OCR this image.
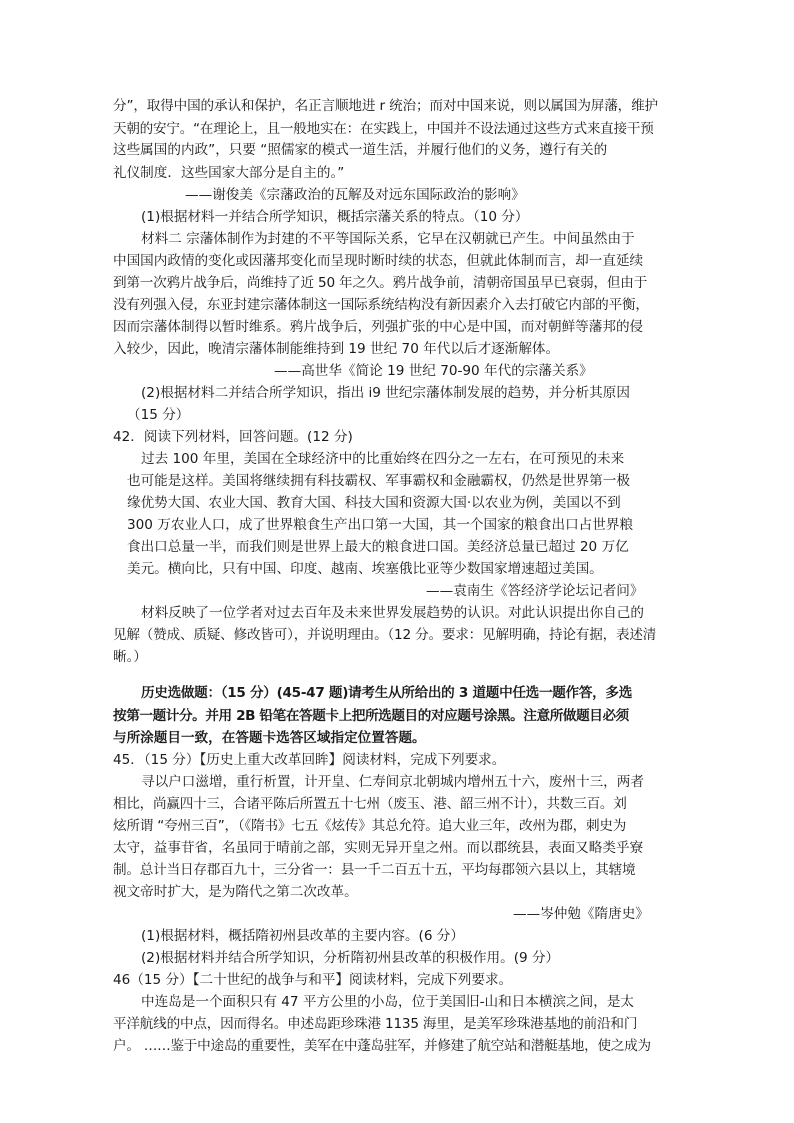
分”，取得中国的承认和保护，名正言顺地进 r 统治；而对中国来说，则以属国为屏藩，维护
天朝的安宁。“在理论上，且一般地实在：在实践上，中国并不设法通过这些方式来直接干预
这些属国的内政”，只要 “照儒家的模式一道生活，并履行他们的义务，遵行有关的
礼仪制度．这些国家大部分是自主的。”
——谢俊美《宗藩政治的瓦解及对远东国际政治的影响》
(1)根据材料一并结合所学知识，概括宗藩关系的特点。（10 分）
材料二 宗藩体制作为封建的不平等国际关系，它早在汉朝就已产生。中间虽然由于
中国国内政情的变化或因藩邦变化而呈现时断时续的状态，但就此体制而言，却一直延续
到第一次鸦片战争后，尚维持了近 50 年之久。鸦片战争前，清朝帝国虽早已衰弱，但由于
没有列强入侵，东亚封建宗藩体制这一国际系统结构没有新因素介入去打破它内部的平衡，
因而宗藩体制得以暂时维系。鸦片战争后，列强扩张的中心是中国，而对朝鲜等藩邦的侵
入较少，因此，晚清宗藩体制能维持到 19 世纪 70 年代以后才逐渐解体。
——高世华《简论 19 世纪 70-90 年代的宗藩关系》
(2)根据材料二并结合所学知识，指出 i9 世纪宗藩体制发展的趋势，并分析其原因
（15 分）
42．阅读下列材料，回答问题。(12 分)
过去 100 年里，美国在全球经济中的比重始终在四分之一左右，在可预见的未来
也可能是这样。美国将继续拥有科技霸权、军事霸权和金融霸权，仍然是世界第一极
缘优势大国、农业大国、教育大国、科技大国和资源大国·以农业为例，美国以不到
300 万农业人口，成了世界粮食生产出口第一大国，其一个国家的粮食出口占世界粮
食出口总量一半，而我们则是世界上最大的粮食进口国。美经济总量已超过 20 万亿
美元。横向比，只有中国、印度、越南、埃塞俄比亚等少数国家增速超过美国。
——袁南生《答经济学论坛记者问》
材料反映了一位学者对过去百年及未来世界发展趋势的认识。对此认识提出你自己的
见解（赞成、质疑、修改皆可），并说明理由。（12 分。要求：见解明确，持论有据，表述清
晰。）
历史选做题：（15 分）(45-47 题)请考生从所给出的 3 道题中任选一题作答，多选
按第一题计分。并用 2B 铅笔在答题卡上把所选题目的对应题号涂黑。注意所做题目必须
与所涂题目一致，在答题卡选答区域指定位置答题。
45．（15 分）【历史上重大改革回眸】阅读材料，完成下列要求。
寻以户口滋增，重行析置，计开皇、仁寿间京北朝城内增州五十六，废州十三，两者
相比，尚赢四十三，合诸平陈后所置五十七州（废玉、港、韶三州不计），共数三百。刘
炫所谓 “夸州三百”，（《隋书》七五《炫传》其总允符。追大业三年，改州为郡，刺史为
太守，益事苷省，名虽同于晴前之部，实则无异开皇之州。而以郡统县，表面又略类乎寮
制。总计当日存郡百九十，三分省一：县一千二百五十五，平均每郡领六县以上，其辖境
视文帝时扩大，是为隋代之第二次改革。
——岑仲勉《隋唐史》
(1)根据材料，概括隋初州县改革的主要内容。(6 分）
(2)根据材料并结合所学知识，分析隋初州县改革的积极作用。(9 分）
46（15 分）【二十世纪的战争与和平】阅读材料，完成下列要求。
中连岛是一个面积只有 47 平方公里的小岛，位于美国旧-山和日本横滨之间，是太
平洋航线的中点，因而得名。申述岛距珍珠港 1135 海里，是美军珍珠港基地的前沿和门
户。 ……鉴于中途岛的重要性，美军在中蓬岛驻军，并修建了航空站和潜艇基地，使之成为
